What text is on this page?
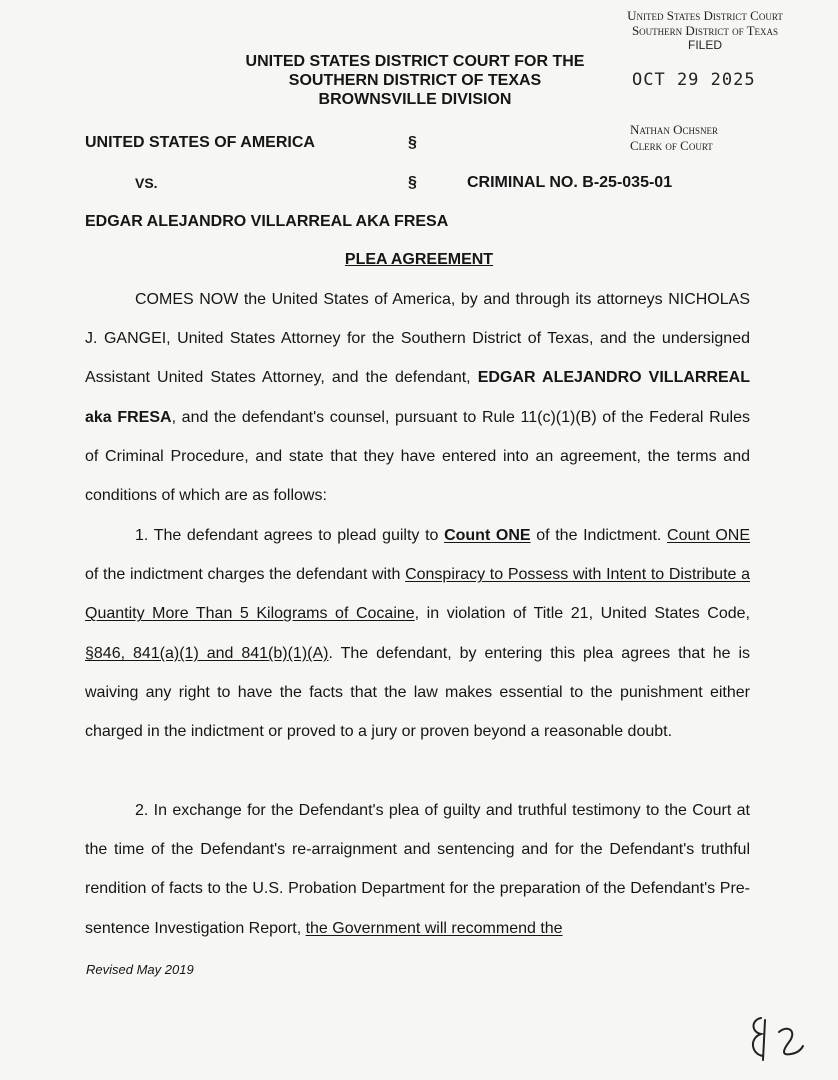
United States District Court
Southern District of Texas
FILED
OCT 29 2025
Nathan Ochsner
Clerk of Court
UNITED STATES DISTRICT COURT FOR THE
SOUTHERN DISTRICT OF TEXAS
BROWNSVILLE DIVISION
UNITED STATES OF AMERICA	§
VS.	§	CRIMINAL NO. B-25-035-01
EDGAR ALEJANDRO VILLARREAL AKA FRESA
PLEA AGREEMENT
COMES NOW the United States of America, by and through its attorneys NICHOLAS J. GANGEI, United States Attorney for the Southern District of Texas, and the undersigned Assistant United States Attorney, and the defendant, EDGAR ALEJANDRO VILLARREAL aka FRESA, and the defendant's counsel, pursuant to Rule 11(c)(1)(B) of the Federal Rules of Criminal Procedure, and state that they have entered into an agreement, the terms and conditions of which are as follows:
1. The defendant agrees to plead guilty to Count ONE of the Indictment. Count ONE of the indictment charges the defendant with Conspiracy to Possess with Intent to Distribute a Quantity More Than 5 Kilograms of Cocaine, in violation of Title 21, United States Code, §846, 841(a)(1) and 841(b)(1)(A). The defendant, by entering this plea agrees that he is waiving any right to have the facts that the law makes essential to the punishment either charged in the indictment or proved to a jury or proven beyond a reasonable doubt.
2. In exchange for the Defendant's plea of guilty and truthful testimony to the Court at the time of the Defendant's re-arraignment and sentencing and for the Defendant's truthful rendition of facts to the U.S. Probation Department for the preparation of the Defendant's Pre-sentence Investigation Report, the Government will recommend the
Revised May 2019
